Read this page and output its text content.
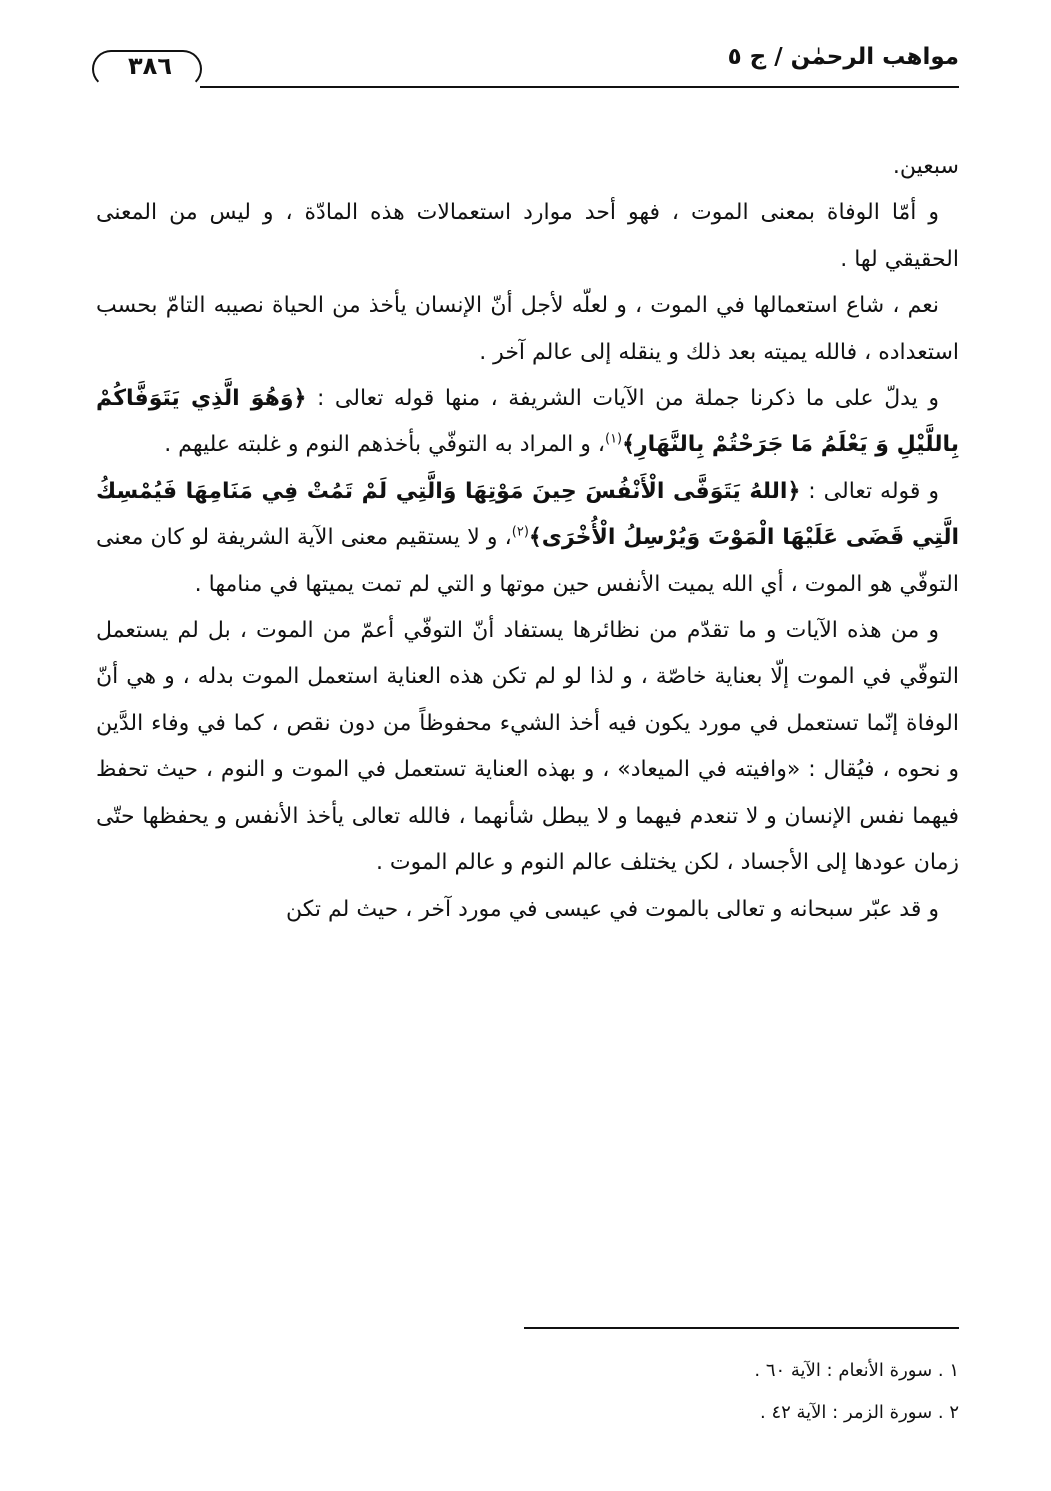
مواهب الرحمٰن / ج ٥
٣٨٦

سبعين.

و أمّا الوفاة بمعنى الموت ، فهو أحد موارد استعمالات هذه المادّة ، و ليس من المعنى الحقيقي لها .

نعم ، شاع استعمالها في الموت ، و لعلّه لأجل أنّ الإنسان يأخذ من الحياة نصيبه التامّ بحسب استعداده ، فالله يميته بعد ذلك و ينقله إلى عالم آخر .

و يدلّ على ما ذكرنا جملة من الآيات الشريفة ، منها قوله تعالى : ﴿وَهُوَ الَّذِي يَتَوَفَّاكُمْ بِاللَّيْلِ وَ يَعْلَمُ مَا جَرَحْتُمْ بِالنَّهَارِ﴾$^{(١)}$، و المراد به التوفّي بأخذهم النوم و غلبته عليهم .

و قوله تعالى : ﴿اللهُ يَتَوَفَّى الْأَنْفُسَ حِينَ مَوْتِهَا وَالَّتِي لَمْ تَمُتْ فِي مَنَامِهَا فَيُمْسِكُ الَّتِي قَضَى عَلَيْهَا الْمَوْتَ وَيُرْسِلُ الْأُخْرَى﴾$^{(٢)}$، و لا يستقيم معنى الآية الشريفة لو كان معنى التوفّي هو الموت ، أي الله يميت الأنفس حين موتها و التي لم تمت يميتها في منامها .

و من هذه الآيات و ما تقدّم من نظائرها يستفاد أنّ التوفّي أعمّ من الموت ، بل لم يستعمل التوفّي في الموت إلّا بعناية خاصّة ، و لذا لو لم تكن هذه العناية استعمل الموت بدله ، و هي أنّ الوفاة إنّما تستعمل في مورد يكون فيه أخذ الشيء محفوظاً من دون نقص ، كما في وفاء الدَّين و نحوه ، فيُقال : «وافيته في الميعاد» ، و بهذه العناية تستعمل في الموت و النوم ، حيث تحفظ فيهما نفس الإنسان و لا تنعدم فيهما و لا يبطل شأنهما ، فالله تعالى يأخذ الأنفس و يحفظها حتّى زمان عودها إلى الأجساد ، لكن يختلف عالم النوم و عالم الموت .

و قد عبّر سبحانه و تعالى بالموت في عيسى في مورد آخر ، حيث لم تكن

١ . سورة الأنعام : الآية ٦٠ .
٢ . سورة الزمر : الآية ٤٢ .
